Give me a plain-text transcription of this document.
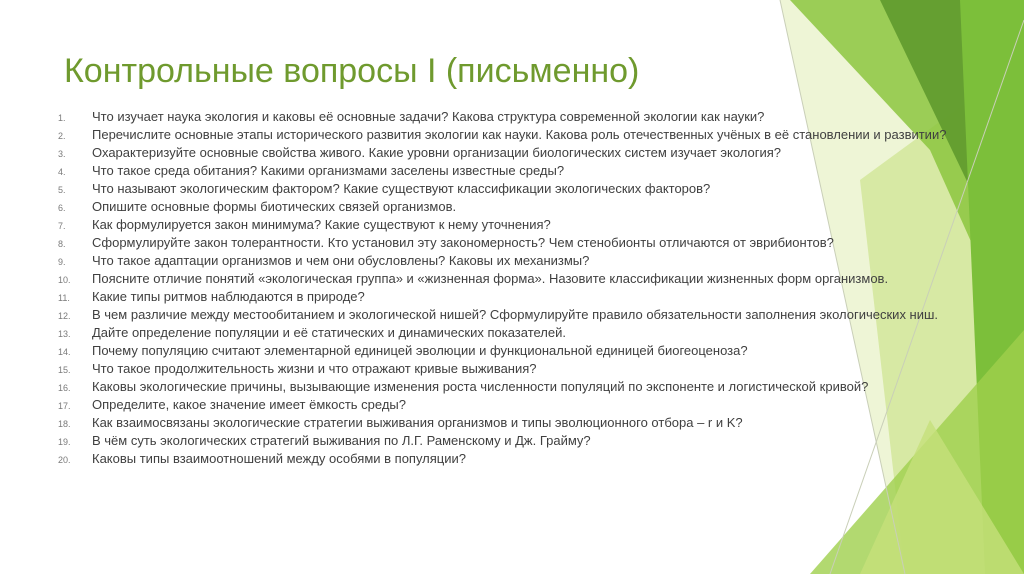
Контрольные вопросы I (письменно)
1. Что изучает наука экология и каковы её основные задачи? Какова структура современной экологии как науки?
2. Перечислите основные этапы исторического развития экологии как науки. Какова роль отечественных учёных в её становлении и развитии?
3. Охарактеризуйте основные свойства живого. Какие уровни организации биологических систем изучает экология?
4. Что такое среда обитания? Какими организмами заселены известные среды?
5. Что называют экологическим фактором? Какие существуют классификации экологических факторов?
6. Опишите основные формы биотических связей организмов.
7. Как формулируется закон минимума? Какие существуют к нему уточнения?
8. Сформулируйте закон толерантности. Кто установил эту закономерность? Чем стенобионты отличаются от эврибионтов?
9. Что такое адаптации организмов и чем они обусловлены? Каковы их механизмы?
10. Поясните отличие понятий «экологическая группа» и «жизненная форма». Назовите классификации жизненных форм организмов.
11. Какие типы ритмов наблюдаются в природе?
12. В чем различие между местообитанием и экологической нишей? Сформулируйте правило обязательности заполнения экологических ниш.
13. Дайте определение популяции и её статических и динамических показателей.
14. Почему популяцию считают элементарной единицей эволюции и функциональной единицей биогеоценоза?
15. Что такое продолжительность жизни и что отражают кривые выживания?
16. Каковы экологические причины, вызывающие изменения роста численности популяций по экспоненте и логистической кривой?
17. Определите, какое значение имеет ёмкость среды?
18. Как взаимосвязаны экологические стратегии выживания организмов и типы эволюционного отбора – r и K?
19. В чём суть экологических стратегий выживания по Л.Г. Раменскому и Дж. Грайму?
20. Каковы типы взаимоотношений между особями в популяции?
